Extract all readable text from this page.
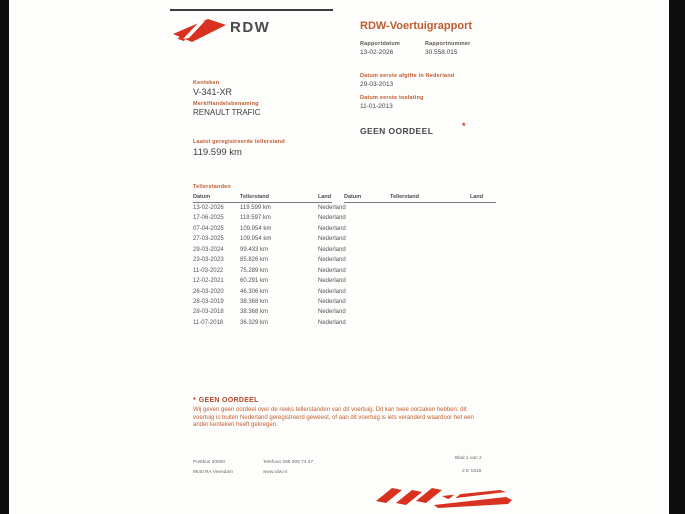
RDW	RDW-Voertuigrapport
Rapportdatum	Rapportnummer
13-02-2026	30.558.015
Kenteken
V-341-XR
Merk/Handelsbenaming
RENAULT TRAFIC
Datum eerste afgifte in Nederland
29-03-2013
Datum eerste toelating
11-01-2013
Laatst geregistreerde tellerstand
119.599 km
GEEN OORDEEL	*
Tellerstanden
Datum	Tellerstand	Land	Datum	Tellerstand	Land
13-02-2026	119.599 km	Nederland
17-06-2025	119.597 km	Nederland
07-04-2025	109.954 km	Nederland
27-03-2025	109.954 km	Nederland
29-03-2024	99.433 km	Nederland
23-03-2023	85.826 km	Nederland
11-03-2022	75.289 km	Nederland
12-02-2021	60.291 km	Nederland
26-03-2020	46.306 km	Nederland
28-03-2019	38.368 km	Nederland
28-03-2018	38.368 km	Nederland
11-07-2018	36.329 km	Nederland
* GEEN OORDEEL
Wij geven geen oordeel over de reeks tellerstanden van dit voertuig. Dit kan twee oorzaken hebben: dit voertuig is buiten Nederland geregistreerd geweest, of aan dit voertuig is iets veranderd waardoor het een ander kenteken heeft gekregen.
Postbus 30000
9640 RA Veendam
Telefoon 088 008 74 47
www.rdw.nl
Blad 1 van 2
2 E 1619
